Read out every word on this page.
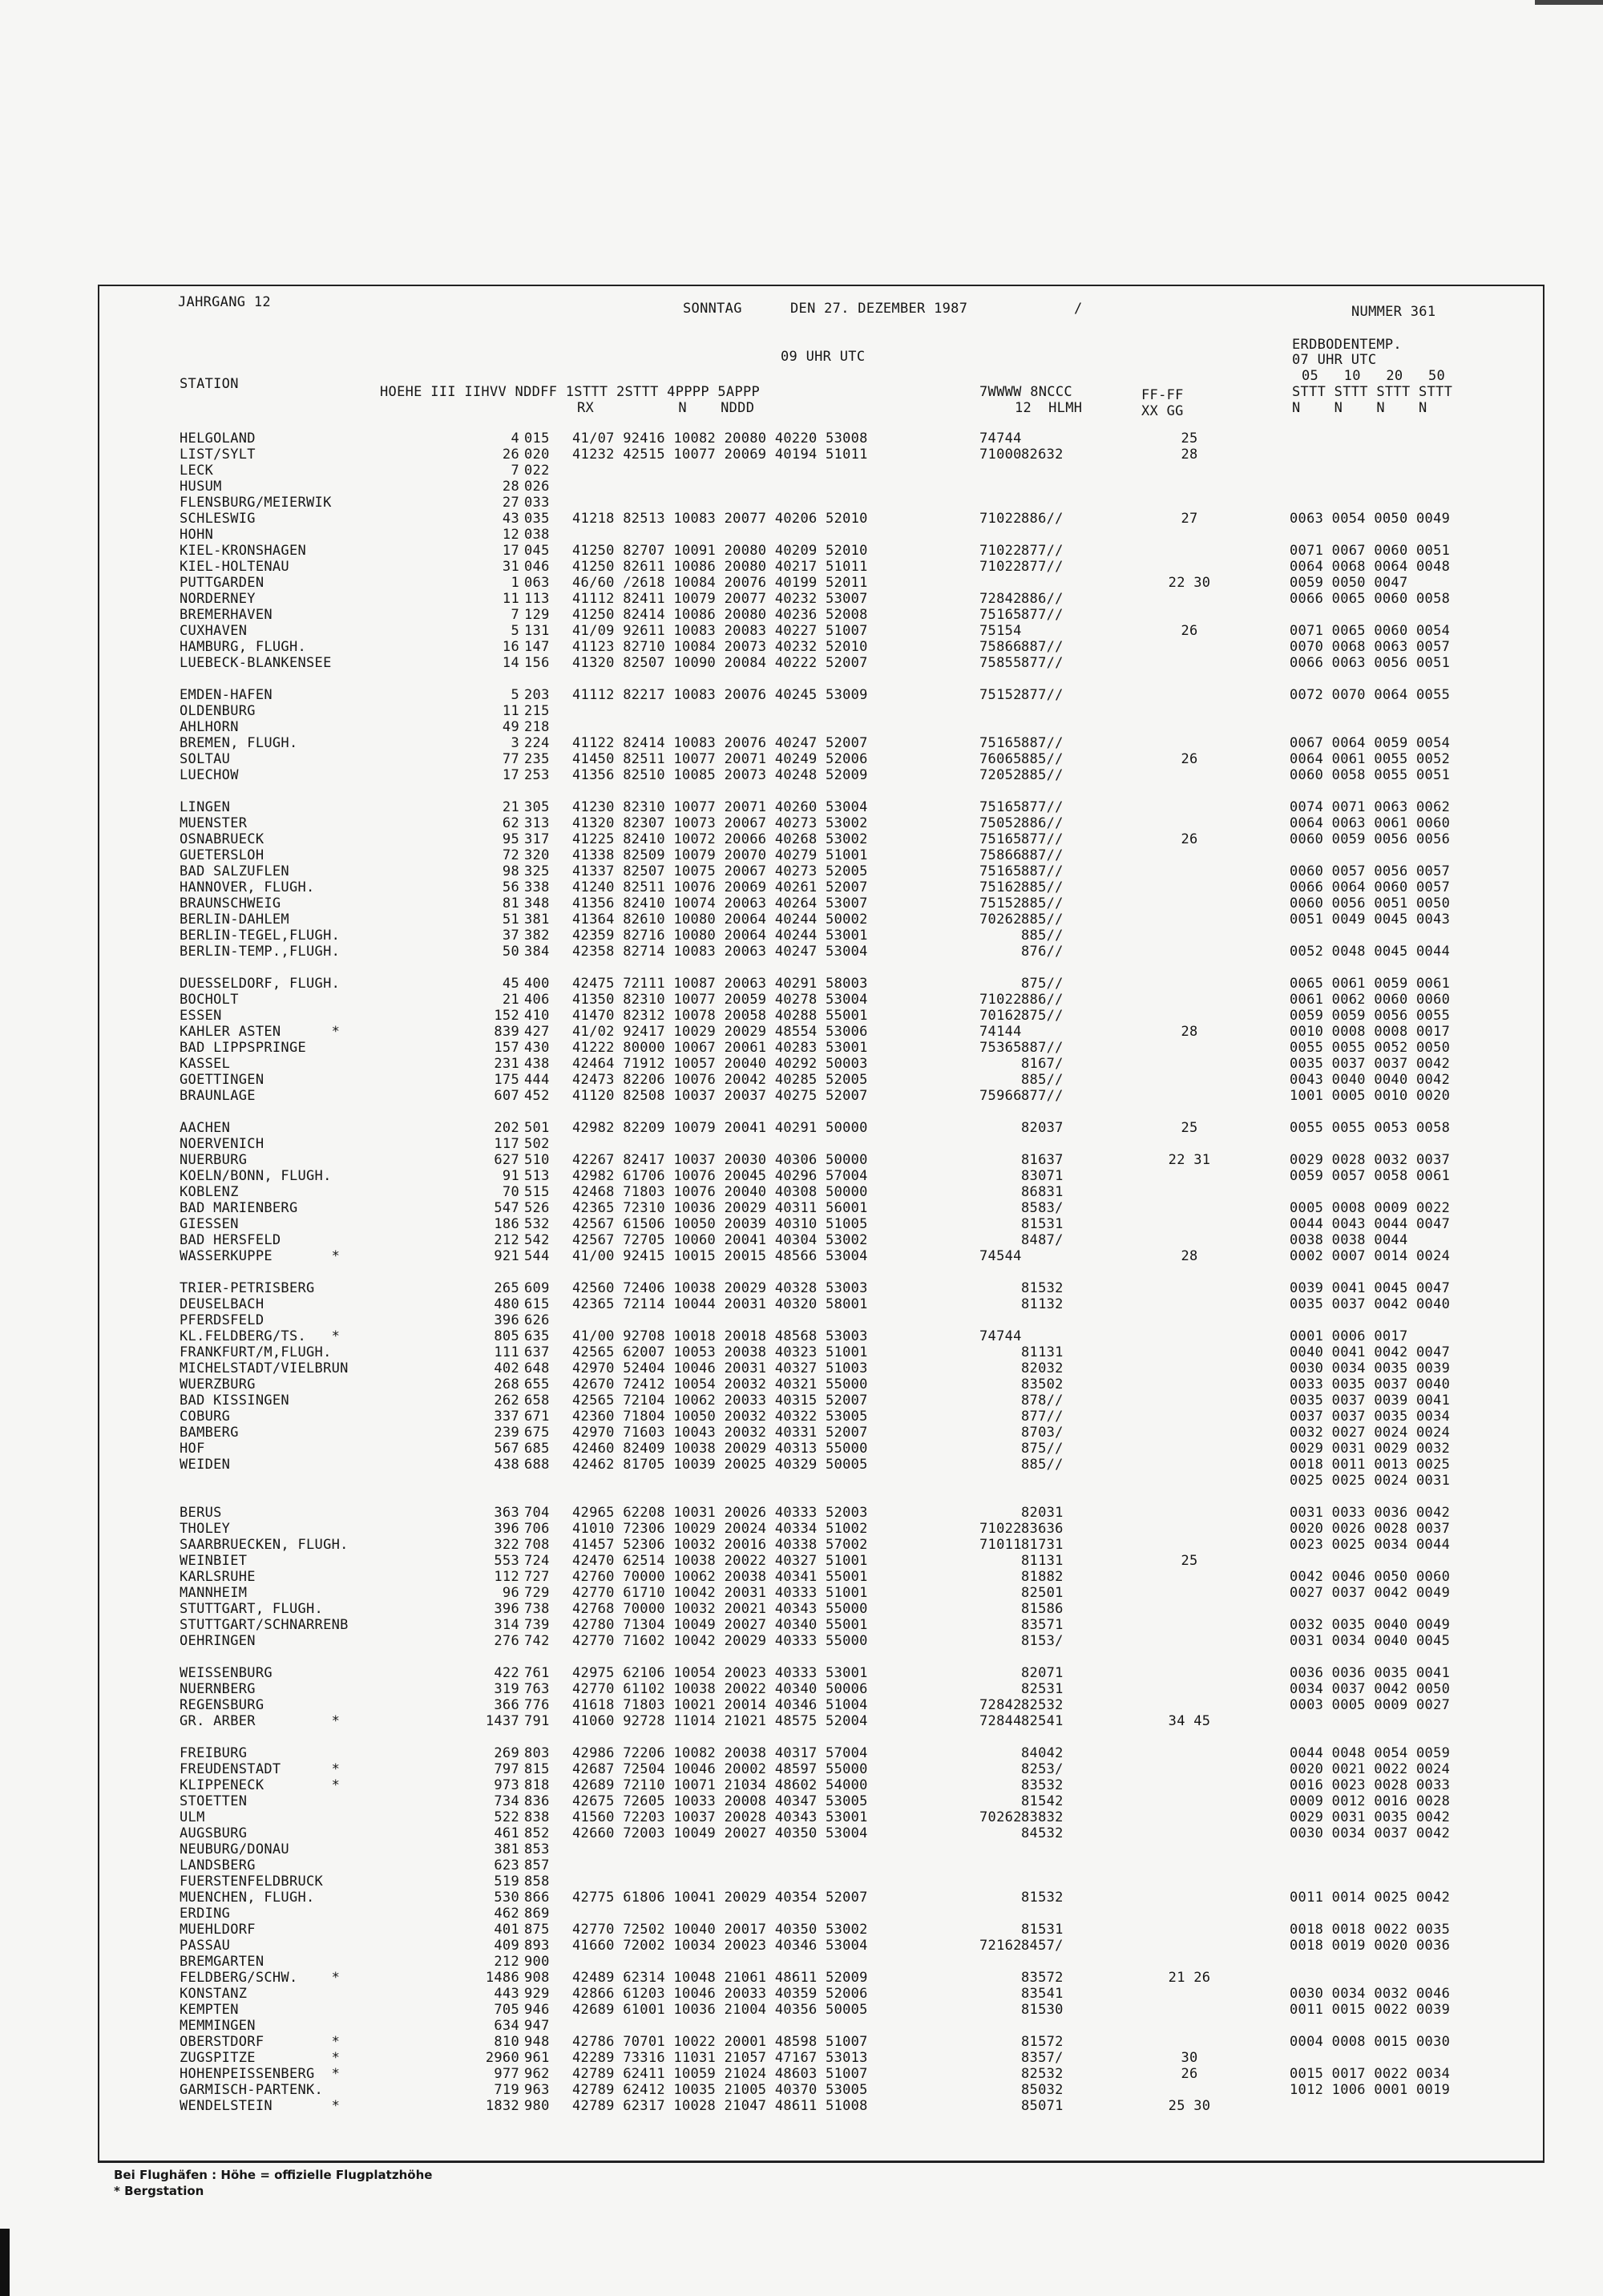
JAHRGANG 12	SONNTAG	DEN 27. DEZEMBER 1987	/	NUMMER 361
09 UHR UTC
ERDBODENTEMP.
07 UHR UTC
05   10   20   50
STTT STTT STTT STTT
N    N    N    N
STATION	HOEHE III IIHVV NDDFF 1STTT 2STTT 4PPPP 5APPP
RX          N    NDDD
7WWWW 8NCCC
12  HLMH
FF-FF
XX GG
HELGOLAND	4 015 41/07 92416 10082 20080 40220 53008	74744	25
LIST/SYLT	26 020 41232 42515 10077 20069 40194 51011	71000 82632	28
LECK	7 022
HUSUM	28 026
FLENSBURG/MEIERWIK	27 033
SCHLESWIG	43 035 41218 82513 10083 20077 40206 52010	71022 886//	27	0063 0054 0050 0049
HOHN	12 038
KIEL-KRONSHAGEN	17 045 41250 82707 10091 20080 40209 52010	71022 877//	0071 0067 0060 0051
KIEL-HOLTENAU	31 046 41250 82611 10086 20080 40217 51011	71022 877//	0064 0068 0064 0048
PUTTGARDEN	1 063 46/60 /2618 10084 20076 40199 52011	22 30	0059 0050 0047
NORDERNEY	11 113 41112 82411 10079 20077 40232 53007	72842 886//	0066 0065 0060 0058
BREMERHAVEN	7 129 41250 82414 10086 20080 40236 52008	75165 877//
CUXHAVEN	5 131 41/09 92611 10083 20083 40227 51007	75154	26	0071 0065 0060 0054
HAMBURG, FLUGH.	16 147 41123 82710 10084 20073 40232 52010	75866 887//	0070 0068 0063 0057
LUEBECK-BLANKENSEE	14 156 41320 82507 10090 20084 40222 52007	75855 877//	0066 0063 0056 0051
EMDEN-HAFEN	5 203 41112 82217 10083 20076 40245 53009	75152 877//	0072 0070 0064 0055
OLDENBURG	11 215
AHLHORN	49 218
BREMEN, FLUGH.	3 224 41122 82414 10083 20076 40247 52007	75165 887//	0067 0064 0059 0054
SOLTAU	77 235 41450 82511 10077 20071 40249 52006	76065 885//	26	0064 0061 0055 0052
LUECHOW	17 253 41356 82510 10085 20073 40248 52009	72052 885//	0060 0058 0055 0051
LINGEN	21 305 41230 82310 10077 20071 40260 53004	75165 877//	0074 0071 0063 0062
MUENSTER	62 313 41320 82307 10073 20067 40273 53002	75052 886//	0064 0063 0061 0060
OSNABRUECK	95 317 41225 82410 10072 20066 40268 53002	75165 877//	26	0060 0059 0056 0056
GUETERSLOH	72 320 41338 82509 10079 20070 40279 51001	75866 887//
BAD SALZUFLEN	98 325 41337 82507 10075 20067 40273 52005	75165 887//	0060 0057 0056 0057
HANNOVER, FLUGH.	56 338 41240 82511 10076 20069 40261 52007	75162 885//	0066 0064 0060 0057
BRAUNSCHWEIG	81 348 41356 82410 10074 20063 40264 53007	75152 885//	0060 0056 0051 0050
BERLIN-DAHLEM	51 381 41364 82610 10080 20064 40244 50002	70262 885//	0051 0049 0045 0043
BERLIN-TEGEL,FLUGH.	37 382 42359 82716 10080 20064 40244 53001	885//
BERLIN-TEMP.,FLUGH.	50 384 42358 82714 10083 20063 40247 53004	876//	0052 0048 0045 0044
DUESSELDORF, FLUGH.	45 400 42475 72111 10087 20063 40291 58003	875//	0065 0061 0059 0061
BOCHOLT	21 406 41350 82310 10077 20059 40278 53004	71022 886//	0061 0062 0060 0060
ESSEN	152 410 41470 82312 10078 20058 40288 55001	70162 875//	0059 0059 0056 0055
KAHLER ASTEN      *	839 427 41/02 92417 10029 20029 48554 53006	74144	28	0010 0008 0008 0017
BAD LIPPSPRINGE	157 430 41222 80000 10067 20061 40283 53001	75365 887//	0055 0055 0052 0050
KASSEL	231 438 42464 71912 10057 20040 40292 50003	8167/	0035 0037 0037 0042
GOETTINGEN	175 444 42473 82206 10076 20042 40285 52005	885//	0043 0040 0040 0042
BRAUNLAGE	607 452 41120 82508 10037 20037 40275 52007	75966 877//	1001 0005 0010 0020
AACHEN	202 501 42982 82209 10079 20041 40291 50000	82037	25	0055 0055 0053 0058
NOERVENICH	117 502
NUERBURG	627 510 42267 82417 10037 20030 40306 50000	81637	22 31	0029 0028 0032 0037
KOELN/BONN, FLUGH.	91 513 42982 61706 10076 20045 40296 57004	83071	0059 0057 0058 0061
KOBLENZ	70 515 42468 71803 10076 20040 40308 50000	86831
BAD MARIENBERG	547 526 42365 72310 10036 20029 40311 56001	8583/	0005 0008 0009 0022
GIESSEN	186 532 42567 61506 10050 20039 40310 51005	81531	0044 0043 0044 0047
BAD HERSFELD	212 542 42567 72705 10060 20041 40304 53002	8487/	0038 0038 0044
WASSERKUPPE       *	921 544 41/00 92415 10015 20015 48566 53004	74544	28	0002 0007 0014 0024
TRIER-PETRISBERG	265 609 42560 72406 10038 20029 40328 53003	81532	0039 0041 0045 0047
DEUSELBACH	480 615 42365 72114 10044 20031 40320 58001	81132	0035 0037 0042 0040
PFERDSFELD	396 626
KL.FELDBERG/TS.   *	805 635 41/00 92708 10018 20018 48568 53003	74744	0001 0006 0017
FRANKFURT/M,FLUGH.	111 637 42565 62007 10053 20038 40323 51001	81131	0040 0041 0042 0047
MICHELSTADT/VIELBRUN	402 648 42970 52404 10046 20031 40327 51003	82032	0030 0034 0035 0039
WUERZBURG	268 655 42670 72412 10054 20032 40321 55000	83502	0033 0035 0037 0040
BAD KISSINGEN	262 658 42565 72104 10062 20033 40315 52007	878//	0035 0037 0039 0041
COBURG	337 671 42360 71804 10050 20032 40322 53005	877//	0037 0037 0035 0034
BAMBERG	239 675 42970 71603 10043 20032 40331 52007	8703/	0032 0027 0024 0024
HOF	567 685 42460 82409 10038 20029 40313 55000	875//	0029 0031 0029 0032
WEIDEN	438 688 42462 81705 10039 20025 40329 50005	885//	0018 0011 0013 0025
0025 0025 0024 0031
BERUS	363 704 42965 62208 10031 20026 40333 52003	82031	0031 0033 0036 0042
THOLEY	396 706 41010 72306 10029 20024 40334 51002	71022 83636	0020 0026 0028 0037
SAARBRUECKEN, FLUGH.	322 708 41457 52306 10032 20016 40338 57002	71011 81731	0023 0025 0034 0044
WEINBIET	553 724 42470 62514 10038 20022 40327 51001	81131	25
KARLSRUHE	112 727 42760 70000 10062 20038 40341 55001	81882	0042 0046 0050 0060
MANNHEIM	96 729 42770 61710 10042 20031 40333 51001	82501	0027 0037 0042 0049
STUTTGART, FLUGH.	396 738 42768 70000 10032 20021 40343 55000	81586
STUTTGART/SCHNARRENB	314 739 42780 71304 10049 20027 40340 55001	83571	0032 0035 0040 0049
OEHRINGEN	276 742 42770 71602 10042 20029 40333 55000	8153/	0031 0034 0040 0045
WEISSENBURG	422 761 42975 62106 10054 20023 40333 53001	82071	0036 0036 0035 0041
NUERNBERG	319 763 42770 61102 10038 20022 40340 50006	82531	0034 0037 0042 0050
REGENSBURG	366 776 41618 71803 10021 20014 40346 51004	72842 82532	0003 0005 0009 0027
GR. ARBER         *	1437 791 41060 92728 11014 21021 48575 52004	72844 82541	34 45
FREIBURG	269 803 42986 72206 10082 20038 40317 57004	84042	0044 0048 0054 0059
FREUDENSTADT      *	797 815 42687 72504 10046 20002 48597 55000	8253/	0020 0021 0022 0024
KLIPPENECK        *	973 818 42689 72110 10071 21034 48602 54000	83532	0016 0023 0028 0033
STOETTEN	734 836 42675 72605 10033 20008 40347 53005	81542	0009 0012 0016 0028
ULM	522 838 41560 72203 10037 20028 40343 53001	70262 83832	0029 0031 0035 0042
AUGSBURG	461 852 42660 72003 10049 20027 40350 53004	84532	0030 0034 0037 0042
NEUBURG/DONAU	381 853
LANDSBERG	623 857
FUERSTENFELDBRUCK	519 858
MUENCHEN, FLUGH.	530 866 42775 61806 10041 20029 40354 52007	81532	0011 0014 0025 0042
ERDING	462 869
MUEHLDORF	401 875 42770 72502 10040 20017 40350 53002	81531	0018 0018 0022 0035
PASSAU	409 893 41660 72002 10034 20023 40346 53004	72162 8457/	0018 0019 0020 0036
BREMGARTEN	212 900
FELDBERG/SCHW.    *	1486 908 42489 62314 10048 21061 48611 52009	83572	21 26
KONSTANZ	443 929 42866 61203 10046 20033 40359 52006	83541	0030 0034 0032 0046
KEMPTEN	705 946 42689 61001 10036 21004 40356 50005	81530	0011 0015 0022 0039
MEMMINGEN	634 947
OBERSTDORF        *	810 948 42786 70701 10022 20001 48598 51007	81572	0004 0008 0015 0030
ZUGSPITZE         *	2960 961 42289 73316 11031 21057 47167 53013	8357/	30
HOHENPEISSENBERG  *	977 962 42789 62411 10059 21024 48603 51007	82532	26	0015 0017 0022 0034
GARMISCH-PARTENK.	719 963 42789 62412 10035 21005 40370 53005	85032	1012 1006 0001 0019
WENDELSTEIN       *	1832 980 42789 62317 10028 21047 48611 51008	85071	25 30
Bei Flughäfen : Höhe = offizielle Flugplatzhöhe
* Bergstation
